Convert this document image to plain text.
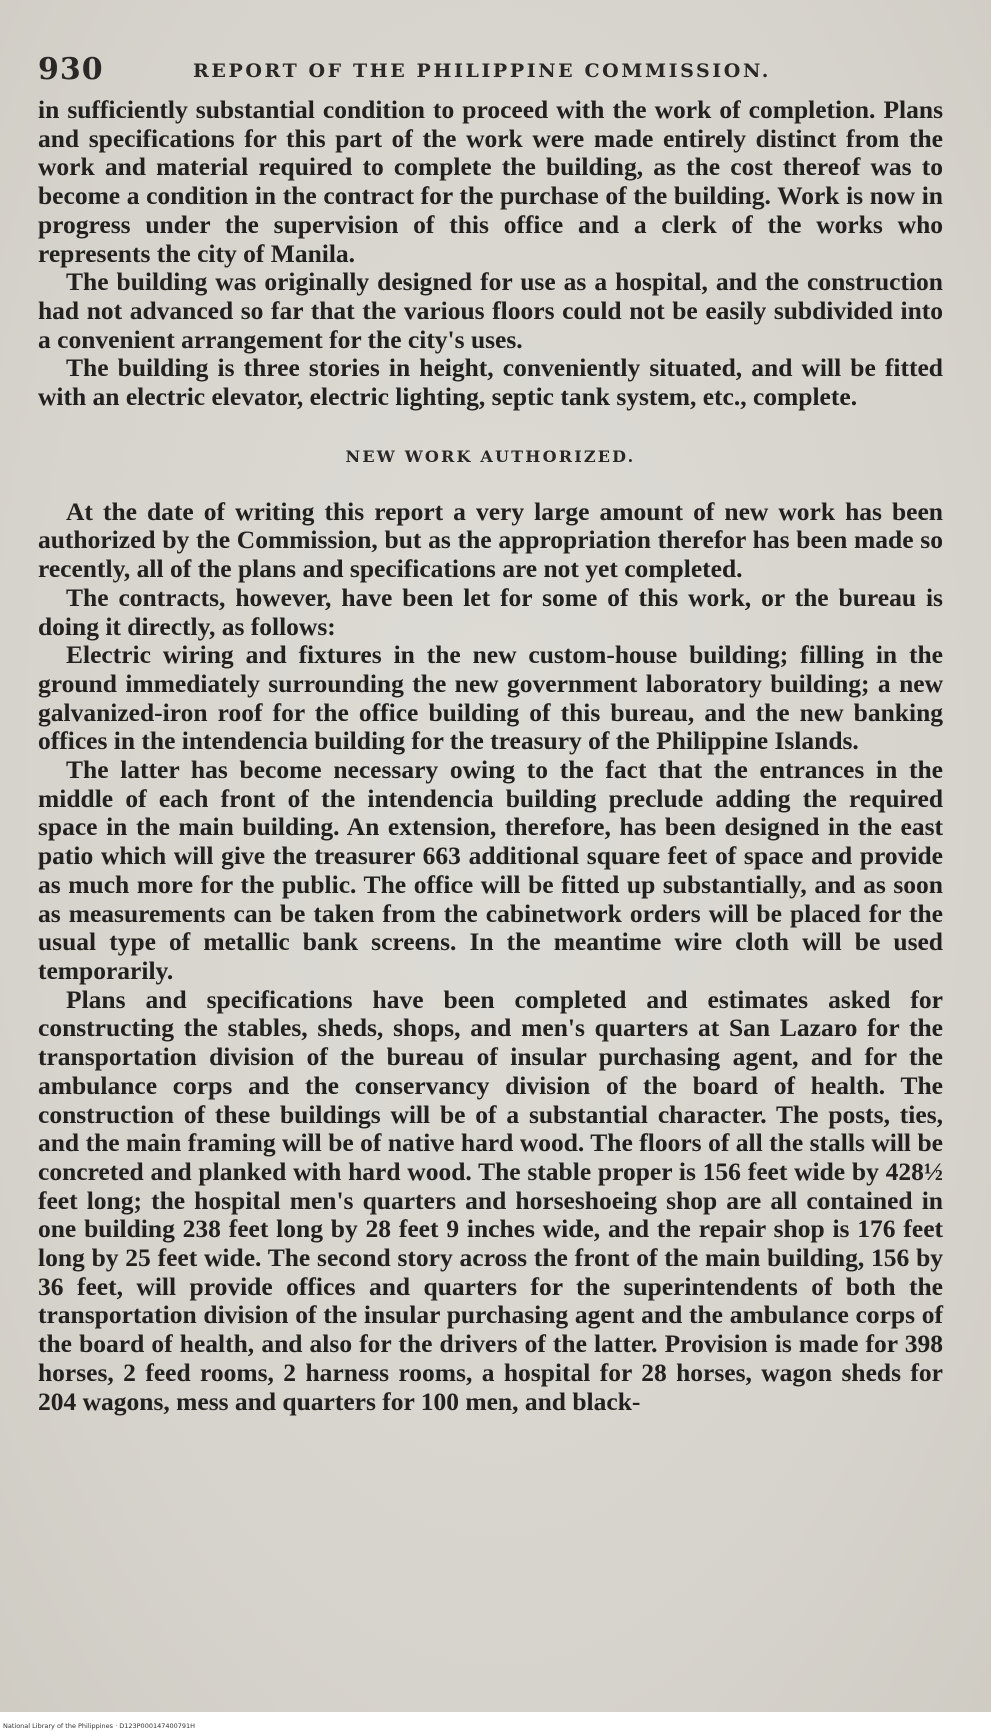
930	REPORT OF THE PHILIPPINE COMMISSION.

in sufficiently substantial condition to proceed with the work of completion. Plans and specifications for this part of the work were made entirely distinct from the work and material required to complete the building, as the cost thereof was to become a condition in the contract for the purchase of the building. Work is now in progress under the supervision of this office and a clerk of the works who represents the city of Manila.

The building was originally designed for use as a hospital, and the construction had not advanced so far that the various floors could not be easily subdivided into a convenient arrangement for the city's uses.

The building is three stories in height, conveniently situated, and will be fitted with an electric elevator, electric lighting, septic tank system, etc., complete.

NEW WORK AUTHORIZED.

At the date of writing this report a very large amount of new work has been authorized by the Commission, but as the appropriation therefor has been made so recently, all of the plans and specifications are not yet completed.

The contracts, however, have been let for some of this work, or the bureau is doing it directly, as follows:

Electric wiring and fixtures in the new custom-house building; filling in the ground immediately surrounding the new government laboratory building; a new galvanized-iron roof for the office building of this bureau, and the new banking offices in the intendencia building for the treasury of the Philippine Islands.

The latter has become necessary owing to the fact that the entrances in the middle of each front of the intendencia building preclude adding the required space in the main building. An extension, therefore, has been designed in the east patio which will give the treasurer 663 additional square feet of space and provide as much more for the public. The office will be fitted up substantially, and as soon as measurements can be taken from the cabinetwork orders will be placed for the usual type of metallic bank screens. In the meantime wire cloth will be used temporarily.

Plans and specifications have been completed and estimates asked for constructing the stables, sheds, shops, and men's quarters at San Lazaro for the transportation division of the bureau of insular purchasing agent, and for the ambulance corps and the conservancy division of the board of health. The construction of these buildings will be of a substantial character. The posts, ties, and the main framing will be of native hard wood. The floors of all the stalls will be concreted and planked with hard wood. The stable proper is 156 feet wide by 428½ feet long; the hospital men's quarters and horseshoeing shop are all contained in one building 238 feet long by 28 feet 9 inches wide, and the repair shop is 176 feet long by 25 feet wide. The second story across the front of the main building, 156 by 36 feet, will provide offices and quarters for the superintendents of both the transportation division of the insular purchasing agent and the ambulance corps of the board of health, and also for the drivers of the latter. Provision is made for 398 horses, 2 feed rooms, 2 harness rooms, a hospital for 28 horses, wagon sheds for 204 wagons, mess and quarters for 100 men, and black-

National Library of the Philippines · D123P000147400791H
